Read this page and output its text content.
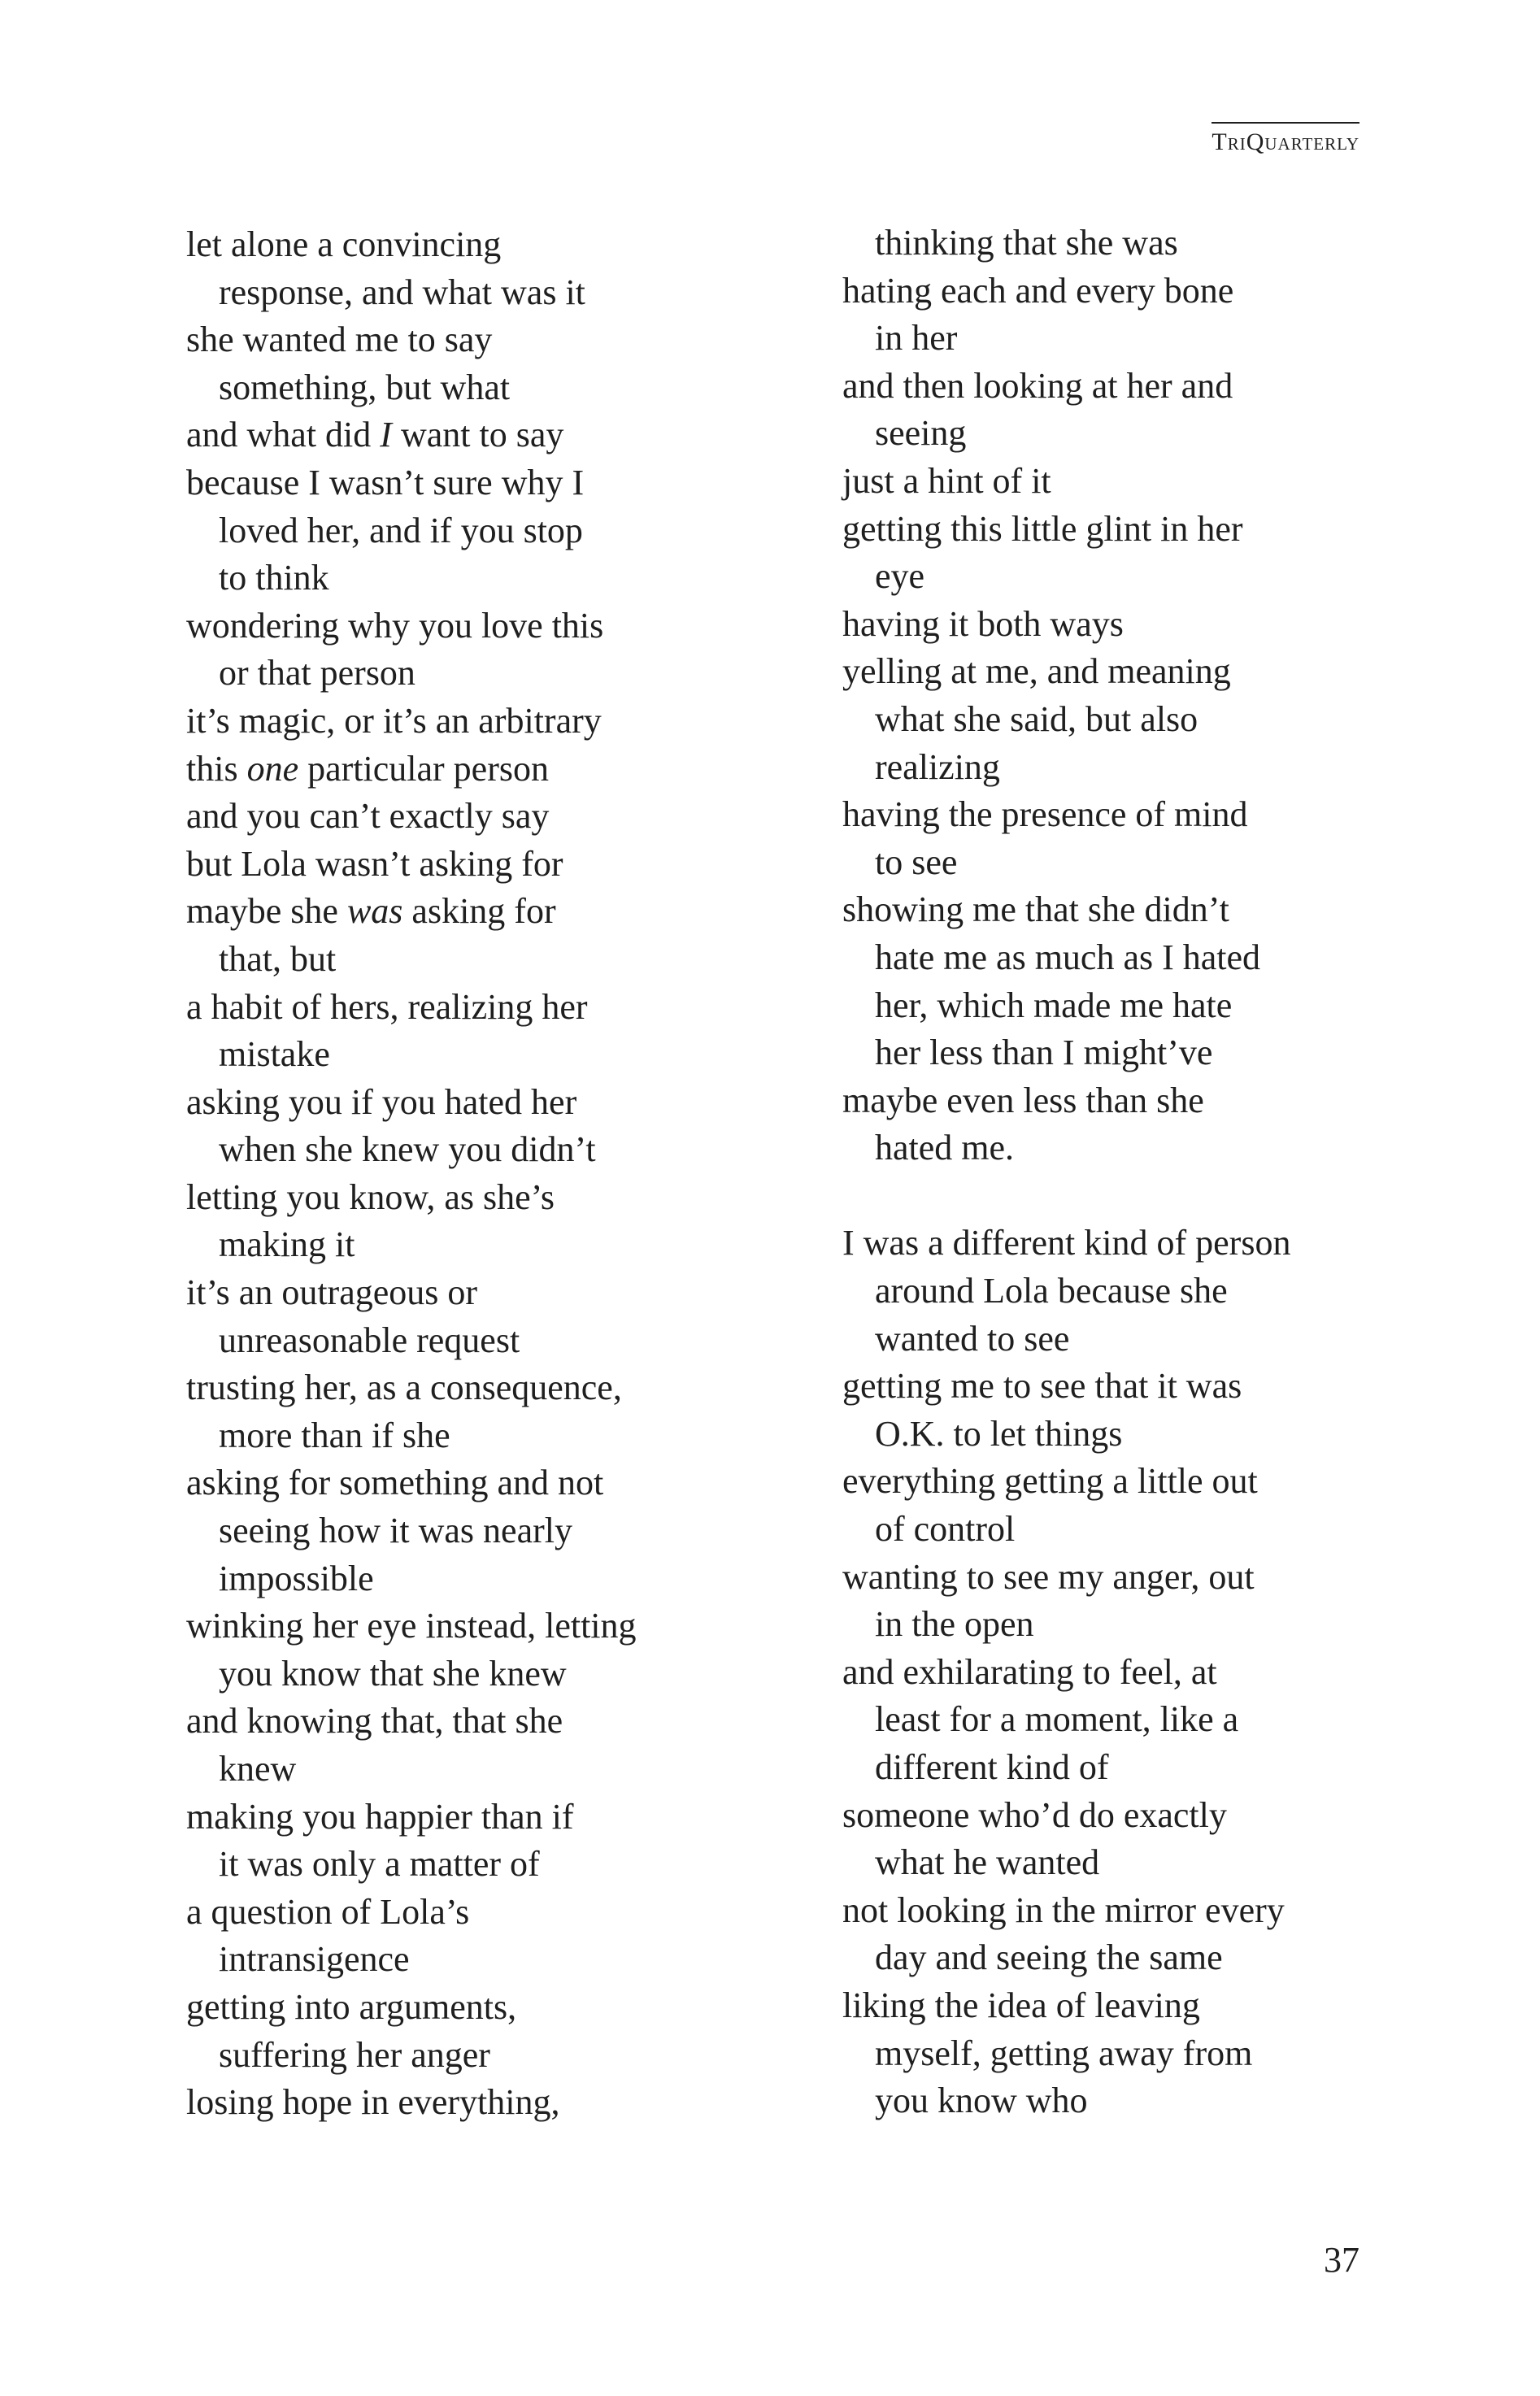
TriQuarterly
let alone a convincing
response, and what was it
she wanted me to say
something, but what
and what did I want to say
because I wasn’t sure why I
loved her, and if you stop
to think
wondering why you love this
or that person
it’s magic, or it’s an arbitrary
this one particular person
and you can’t exactly say
but Lola wasn’t asking for
maybe she was asking for
that, but
a habit of hers, realizing her
mistake
asking you if you hated her
when she knew you didn’t
letting you know, as she’s
making it
it’s an outrageous or
unreasonable request
trusting her, as a consequence,
more than if she
asking for something and not
seeing how it was nearly
impossible
winking her eye instead, letting
you know that she knew
and knowing that, that she
knew
making you happier than if
it was only a matter of
a question of Lola’s
intransigence
getting into arguments,
suffering her anger
losing hope in everything,
thinking that she was
hating each and every bone
in her
and then looking at her and
seeing
just a hint of it
getting this little glint in her
eye
having it both ways
yelling at me, and meaning
what she said, but also
realizing
having the presence of mind
to see
showing me that she didn’t
hate me as much as I hated
her, which made me hate
her less than I might’ve
maybe even less than she
hated me.
I was a different kind of person
around Lola because she
wanted to see
getting me to see that it was
O.K. to let things
everything getting a little out
of control
wanting to see my anger, out
in the open
and exhilarating to feel, at
least for a moment, like a
different kind of
someone who’d do exactly
what he wanted
not looking in the mirror every
day and seeing the same
liking the idea of leaving
myself, getting away from
you know who
37
